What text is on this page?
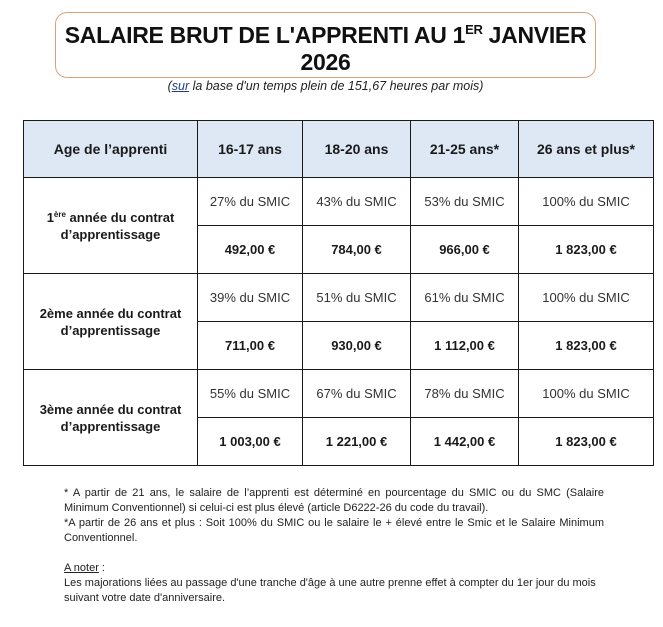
SALAIRE BRUT DE L'APPRENTI AU 1ER JANVIER 2026
(sur la base d'un temps plein de 151,67 heures par mois)
Age de l’apprenti	16-17 ans	18-20 ans	21-25 ans*	26 ans et plus*
1ère année du contrat d’apprentissage	27% du SMIC	43% du SMIC	53% du SMIC	100% du SMIC
	492,00 €	784,00 €	966,00 €	1 823,00 €
2ème année du contrat d’apprentissage	39% du SMIC	51% du SMIC	61% du SMIC	100% du SMIC
	711,00 €	930,00 €	1 112,00 €	1 823,00 €
3ème année du contrat d’apprentissage	55% du SMIC	67% du SMIC	78% du SMIC	100% du SMIC
	1 003,00 €	1 221,00 €	1 442,00 €	1 823,00 €

* A partir de 21 ans, le salaire de l’apprenti est déterminé en pourcentage du SMIC ou du SMC (Salaire Minimum Conventionnel) si celui-ci est plus élevé (article D6222-26 du code du travail).

*A partir de 26 ans et plus : Soit 100% du SMIC ou le salaire le + élevé entre le Smic et le Salaire Minimum Conventionnel.

A noter :

Les majorations liées au passage d'une tranche d'âge à une autre prenne effet à compter du 1er jour du mois suivant votre date d'anniversaire.
